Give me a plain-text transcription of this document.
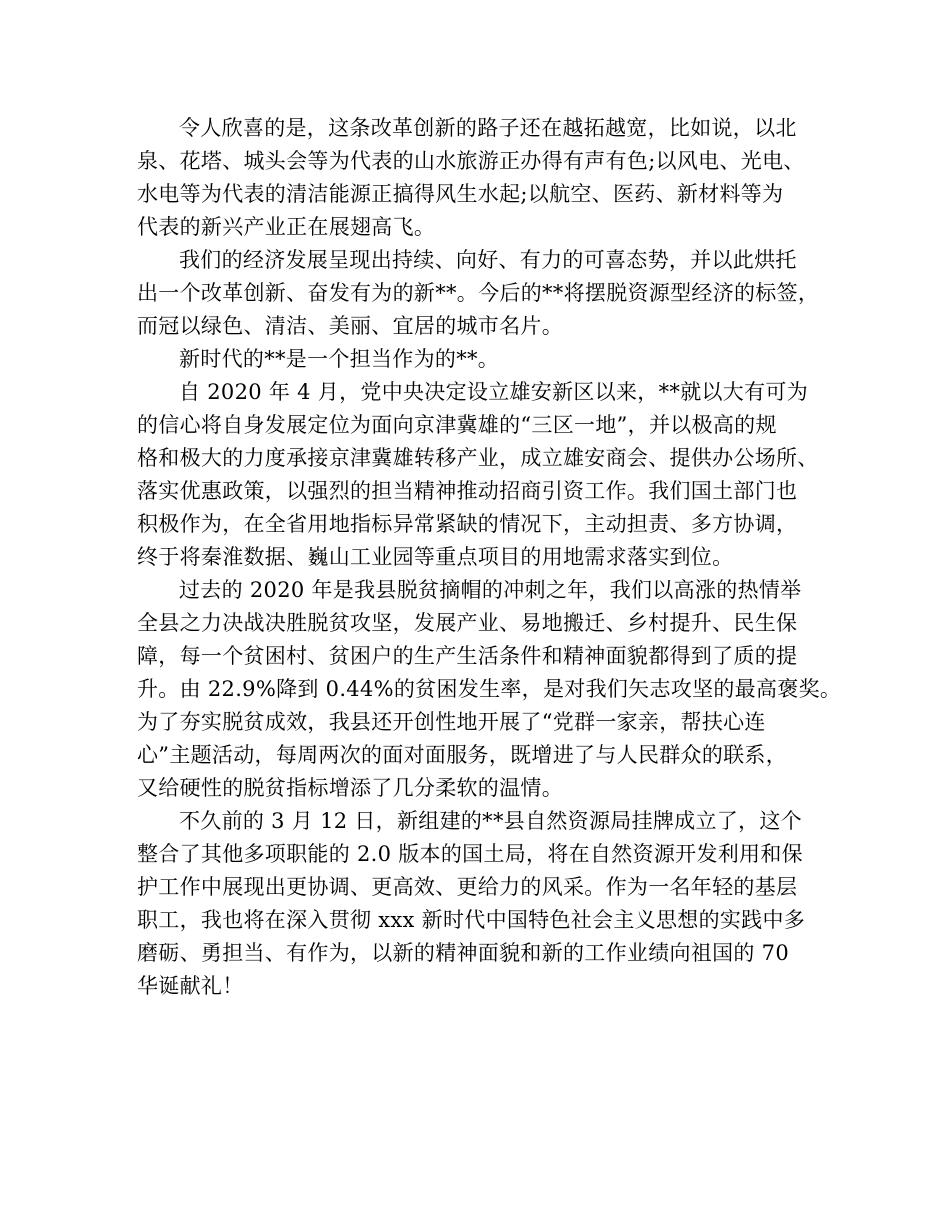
令人欣喜的是，这条改革创新的路子还在越拓越宽，比如说，以北
泉、花塔、城头会等为代表的山水旅游正办得有声有色;以风电、光电、
水电等为代表的清洁能源正搞得风生水起;以航空、医药、新材料等为
代表的新兴产业正在展翅高飞。

我们的经济发展呈现出持续、向好、有力的可喜态势，并以此烘托
出一个改革创新、奋发有为的新**。今后的**将摆脱资源型经济的标签，
而冠以绿色、清洁、美丽、宜居的城市名片。

新时代的**是一个担当作为的**。

自 2020 年 4 月，党中央决定设立雄安新区以来，**就以大有可为
的信心将自身发展定位为面向京津冀雄的“三区一地”，并以极高的规
格和极大的力度承接京津冀雄转移产业，成立雄安商会、提供办公场所、
落实优惠政策，以强烈的担当精神推动招商引资工作。我们国土部门也
积极作为，在全省用地指标异常紧缺的情况下，主动担责、多方协调，
终于将秦淮数据、巍山工业园等重点项目的用地需求落实到位。

过去的 2020 年是我县脱贫摘帽的冲刺之年，我们以高涨的热情举
全县之力决战决胜脱贫攻坚，发展产业、易地搬迁、乡村提升、民生保
障，每一个贫困村、贫困户的生产生活条件和精神面貌都得到了质的提
升。由 22.9%降到 0.44%的贫困发生率，是对我们矢志攻坚的最高褒奖。
为了夯实脱贫成效，我县还开创性地开展了“党群一家亲，帮扶心连
心”主题活动，每周两次的面对面服务，既增进了与人民群众的联系，
又给硬性的脱贫指标增添了几分柔软的温情。

不久前的 3 月 12 日，新组建的**县自然资源局挂牌成立了，这个
整合了其他多项职能的 2.0 版本的国土局，将在自然资源开发利用和保
护工作中展现出更协调、更高效、更给力的风采。作为一名年轻的基层
职工，我也将在深入贯彻 xxx 新时代中国特色社会主义思想的实践中多
磨砺、勇担当、有作为，以新的精神面貌和新的工作业绩向祖国的 70
华诞献礼！
